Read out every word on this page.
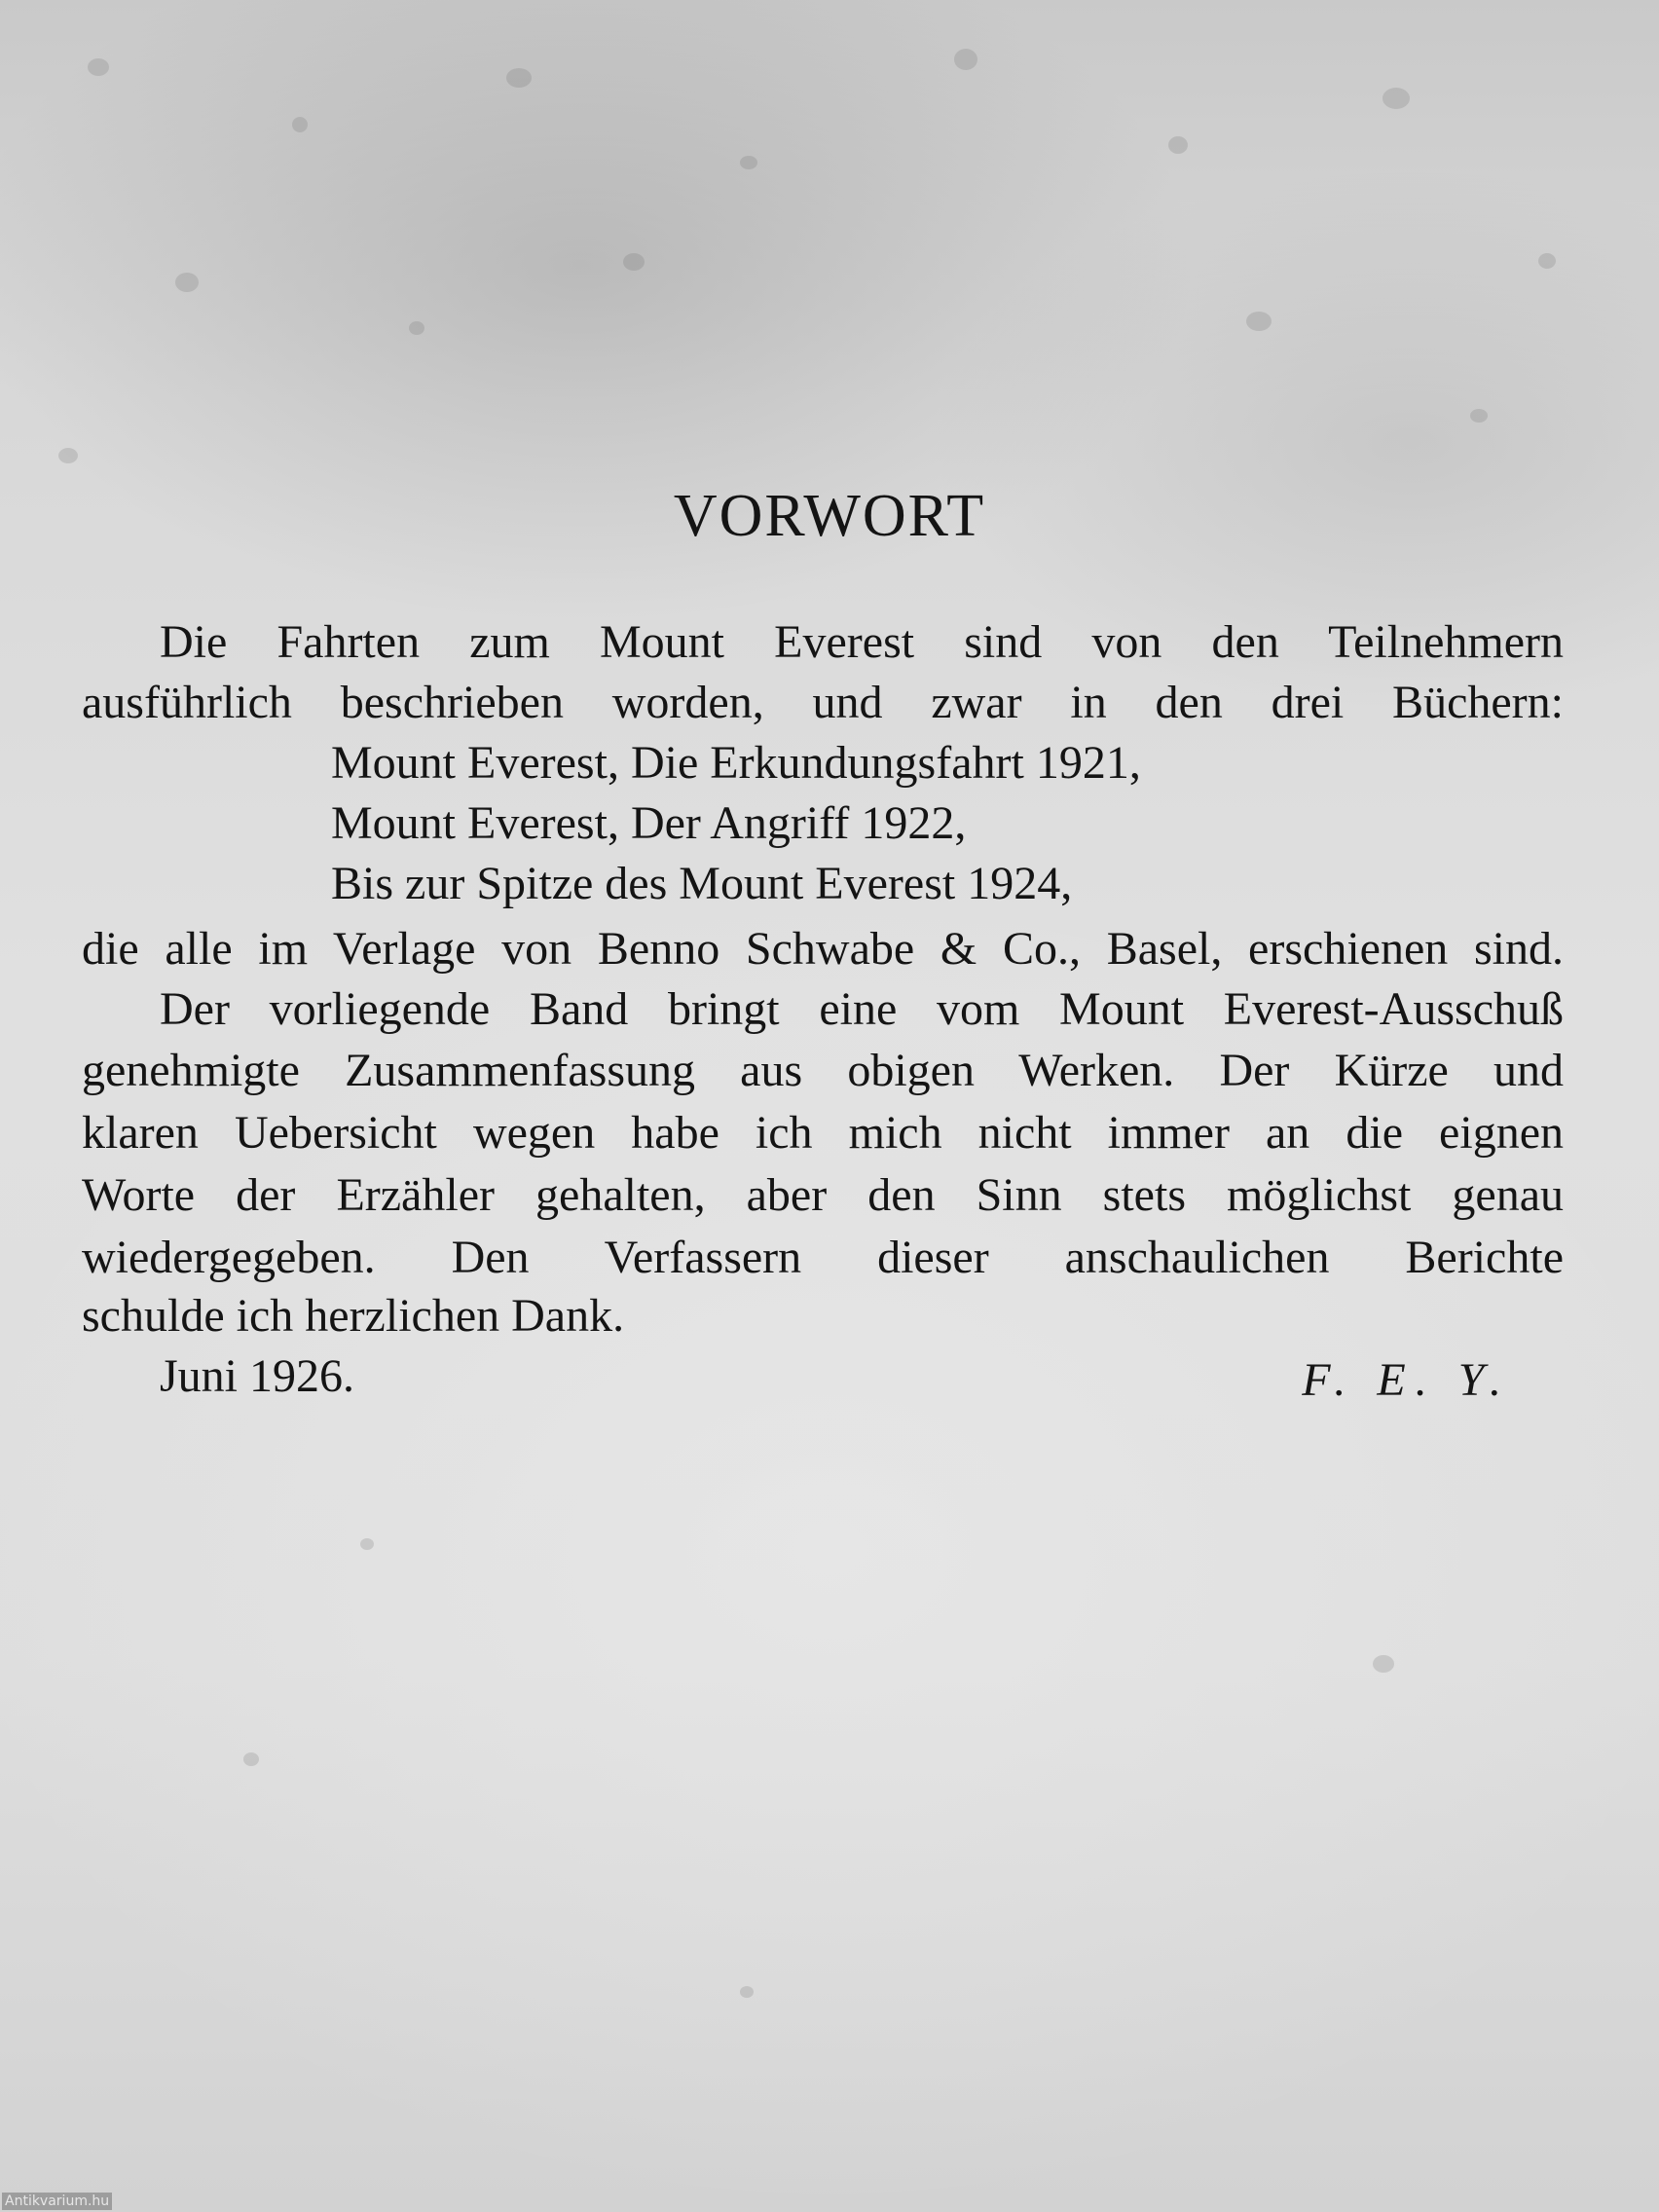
VORWORT
Die Fahrten zum Mount Everest sind von den Teilnehmern
ausführlich beschrieben worden, und zwar in den drei Büchern:
Mount Everest, Die Erkundungsfahrt 1921,
Mount Everest, Der Angriff 1922,
Bis zur Spitze des Mount Everest 1924,
die alle im Verlage von Benno Schwabe & Co., Basel, erschienen sind.
Der vorliegende Band bringt eine vom Mount Everest-Ausschuß
genehmigte Zusammenfassung aus obigen Werken. Der Kürze und
klaren Uebersicht wegen habe ich mich nicht immer an die eignen
Worte der Erzähler gehalten, aber den Sinn stets möglichst genau
wiedergegeben. Den Verfassern dieser anschaulichen Berichte
schulde ich herzlichen Dank.
Juni 1926.	F. E. Y.
Antikvarium.hu
